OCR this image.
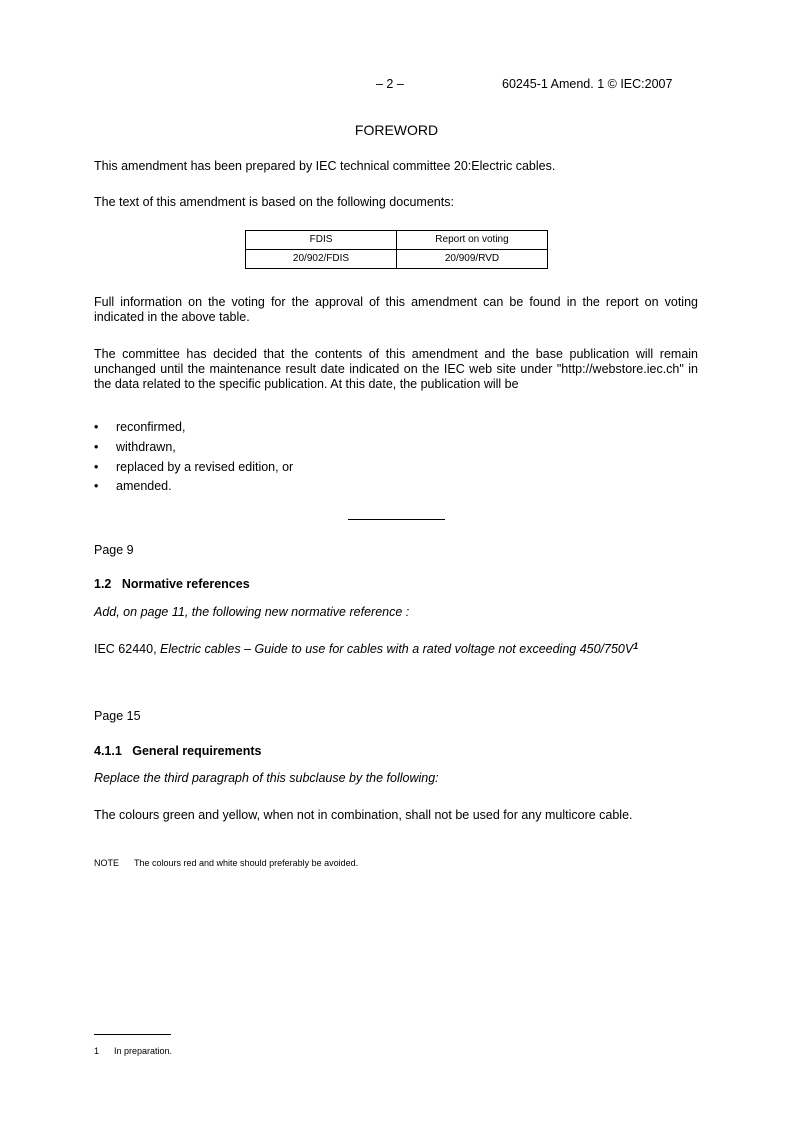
– 2 –	60245-1 Amend. 1 © IEC:2007
FOREWORD
This amendment has been prepared by IEC technical committee 20:Electric cables.
The text of this amendment is based on the following documents:
FDIS	Report on voting
20/902/FDIS	20/909/RVD
Full information on the voting for the approval of this amendment can be found in the report on voting indicated in the above table.
The committee has decided that the contents of this amendment and the base publication will remain unchanged until the maintenance result date indicated on the IEC web site under "http://webstore.iec.ch" in the data related to the specific publication. At this date, the publication will be
• reconfirmed,
• withdrawn,
• replaced by a revised edition, or
• amended.
Page 9
1.2 Normative references
Add, on page 11, the following new normative reference :
IEC 62440, Electric cables – Guide to use for cables with a rated voltage not exceeding 450/750V$^1$
Page 15
4.1.1 General requirements
Replace the third paragraph of this subclause by the following:
The colours green and yellow, when not in combination, shall not be used for any multicore cable.
NOTE The colours red and white should preferably be avoided.
1 In preparation.
